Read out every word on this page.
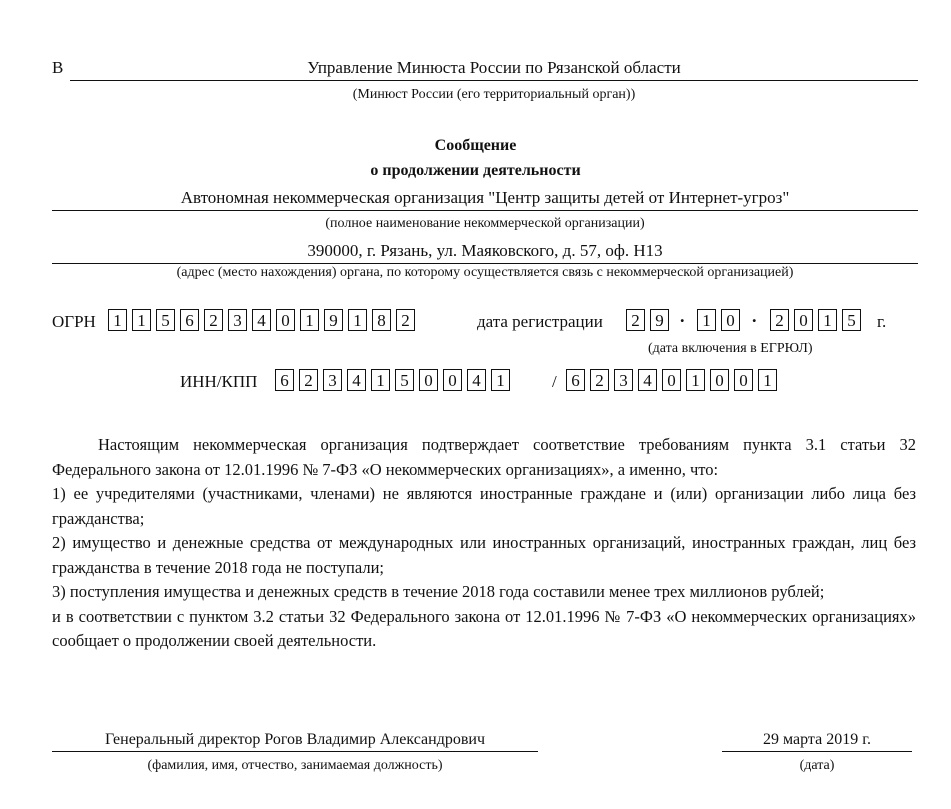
В	Управление Минюста России по Рязанской области
(Минюст России (его территориальный орган))
Сообщение
о продолжении деятельности
Автономная некоммерческая организация "Центр защиты детей от Интернет-угроз"
(полное наименование некоммерческой организации)
390000, г. Рязань, ул. Маяковского, д. 57, оф. Н13
(адрес (место нахождения) органа, по которому осуществляется связь с некоммерческой организацией)
ОГРН	1 1 5 6 2 3 4 0 1 9 1 8 2	дата регистрации	2 9 .	1 0 .	2 0 1 5	г.
(дата включения в ЕГРЮЛ)
ИНН/КПП	6 2 3 4 1 5 0 0 4 1	/ 6 2 3 4 0 1 0 0 1

Настоящим некоммерческая организация подтверждает соответствие требованиям пункта 3.1 статьи 32 Федерального закона от 12.01.1996 № 7-ФЗ «О некоммерческих организациях», а именно, что:

1) ее учредителями (участниками, членами) не являются иностранные граждане и (или) организации либо лица без гражданства;

2) имущество и денежные средства от международных или иностранных организаций, иностранных граждан, лиц без гражданства в течение 2018 года не поступали;

3) поступления имущества и денежных средств в течение 2018 года составили менее трех миллионов рублей;

и в соответствии с пунктом 3.2 статьи 32 Федерального закона от 12.01.1996 № 7-ФЗ «О некоммерческих организациях» сообщает о продолжении своей деятельности.

Генеральный директор Рогов Владимир Александрович
(фамилия, имя, отчество, занимаемая должность)
29 марта 2019 г.
(дата)
